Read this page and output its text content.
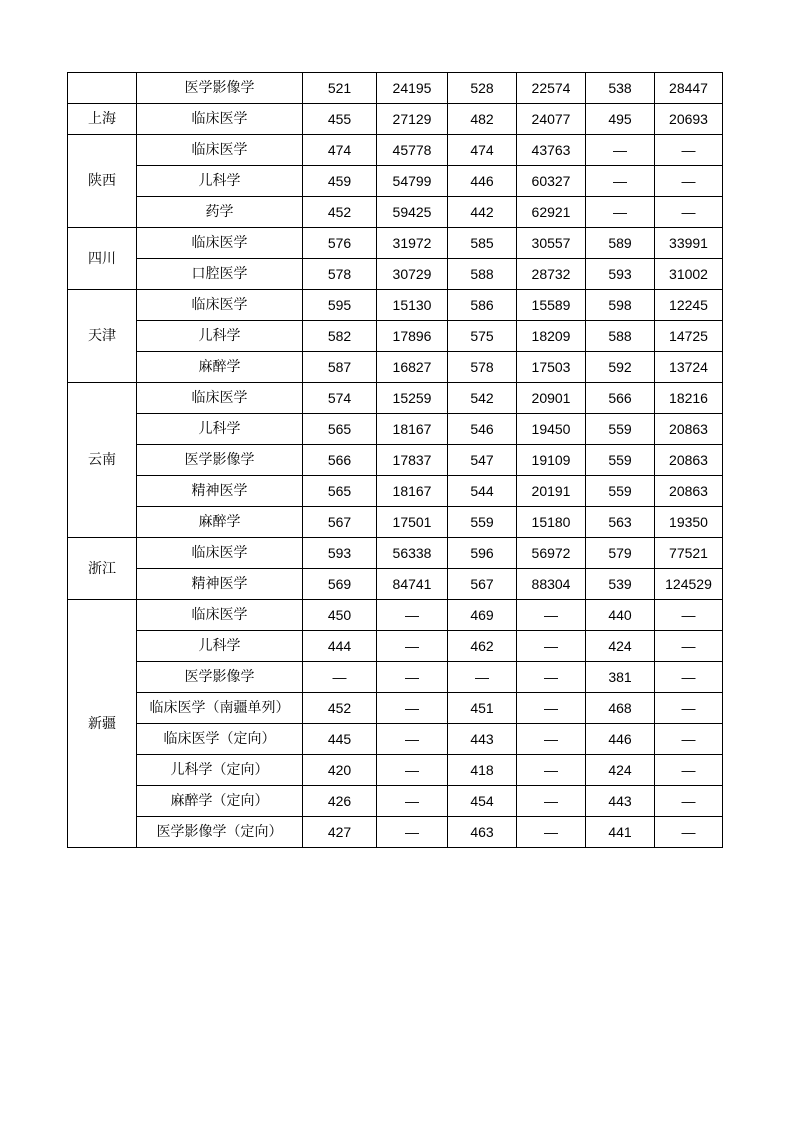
	医学影像学	521	24195	528	22574	538	28447
上海	临床医学	455	27129	482	24077	495	20693
陕西	临床医学	474	45778	474	43763	—	—
	儿科学	459	54799	446	60327	—	—
	药学	452	59425	442	62921	—	—
四川	临床医学	576	31972	585	30557	589	33991
	口腔医学	578	30729	588	28732	593	31002
天津	临床医学	595	15130	586	15589	598	12245
	儿科学	582	17896	575	18209	588	14725
	麻醉学	587	16827	578	17503	592	13724
云南	临床医学	574	15259	542	20901	566	18216
	儿科学	565	18167	546	19450	559	20863
	医学影像学	566	17837	547	19109	559	20863
	精神医学	565	18167	544	20191	559	20863
	麻醉学	567	17501	559	15180	563	19350
浙江	临床医学	593	56338	596	56972	579	77521
	精神医学	569	84741	567	88304	539	124529
新疆	临床医学	450	—	469	—	440	—
	儿科学	444	—	462	—	424	—
	医学影像学	—	—	—	—	381	—
	临床医学（南疆单列）	452	—	451	—	468	—
	临床医学（定向）	445	—	443	—	446	—
	儿科学（定向）	420	—	418	—	424	—
	麻醉学（定向）	426	—	454	—	443	—
	医学影像学（定向）	427	—	463	—	441	—
